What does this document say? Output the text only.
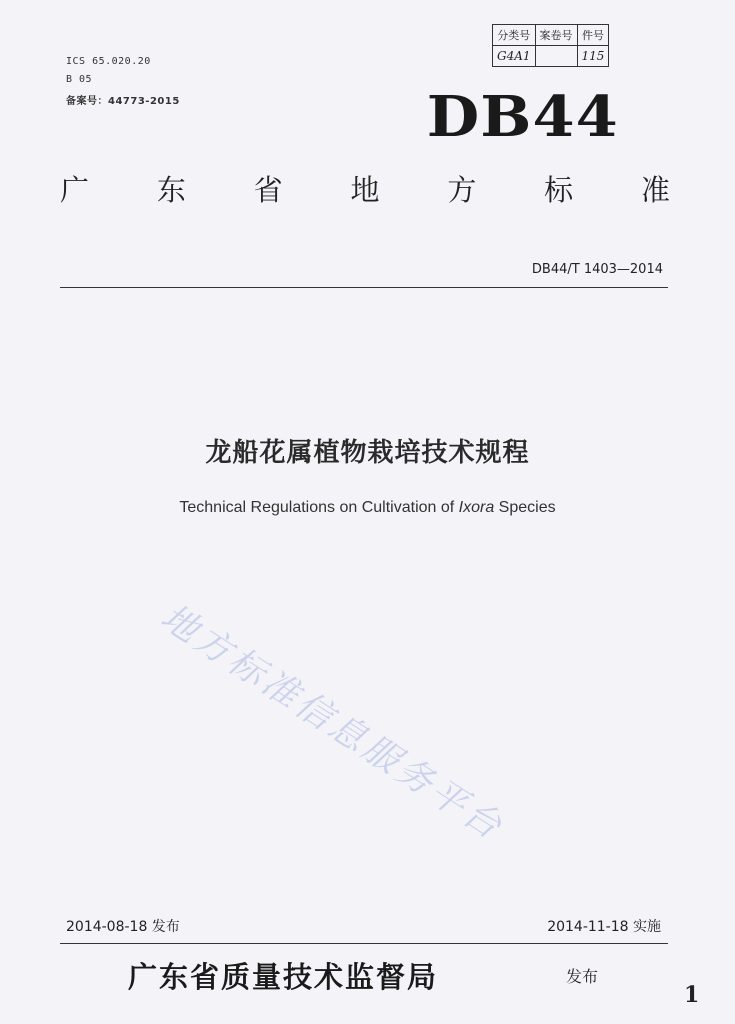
ICS 65.020.20
B 05
备案号：44773-2015
分类号	案卷号	件号
G4A1		115
DB44
广 东 省 地 方 标 准
DB44/T 1403—2014
龙船花属植物栽培技术规程
Technical Regulations on Cultivation of Ixora Species
地方标准信息服务平台
2014-08-18 发布	2014-11-18 实施
广东省质量技术监督局	发布
1
